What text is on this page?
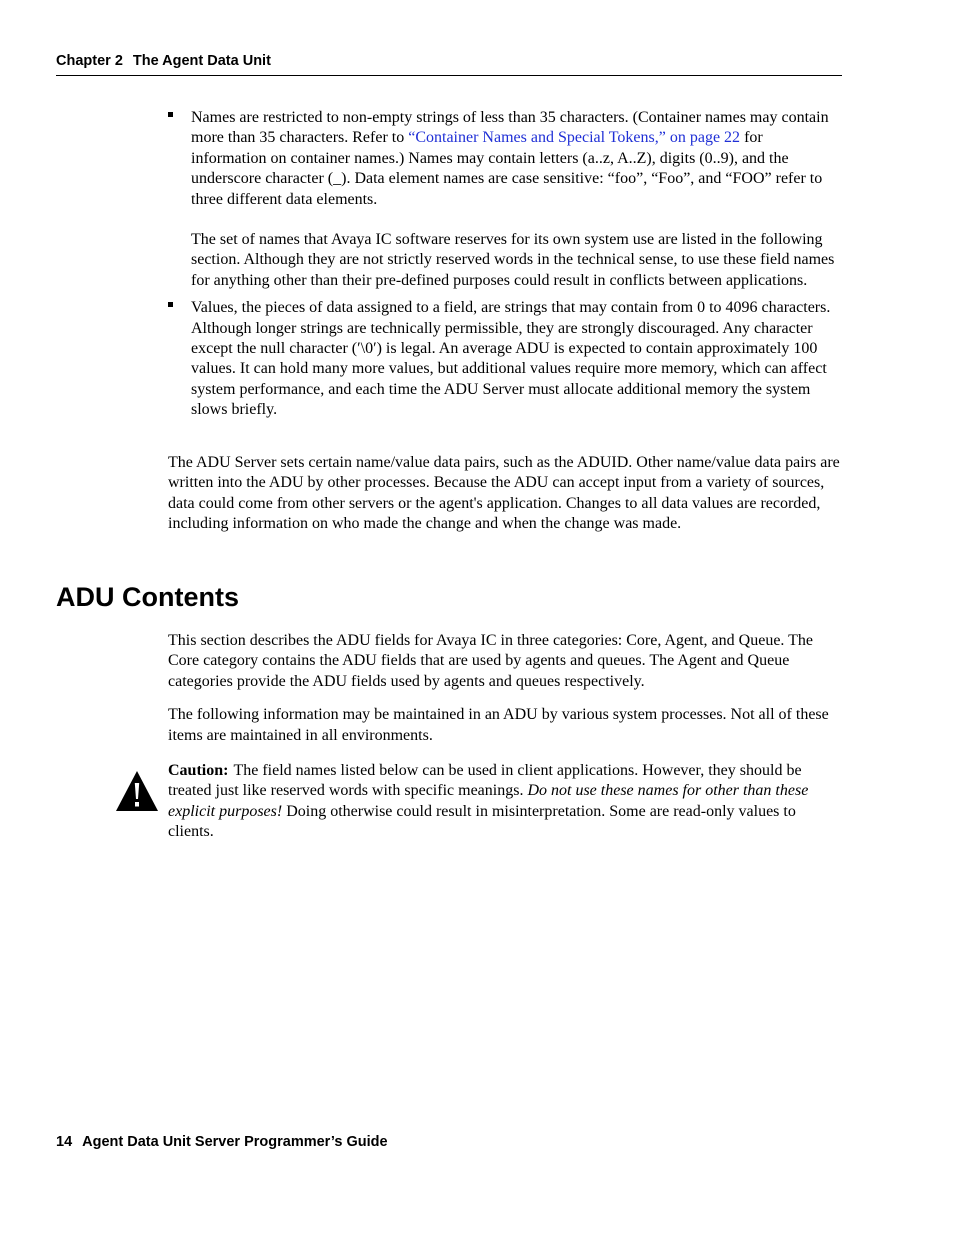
Chapter 2 The Agent Data Unit

Names are restricted to non-empty strings of less than 35 characters. (Container names may contain more than 35 characters. Refer to “Container Names and Special Tokens,” on page 22 for information on container names.) Names may contain letters (a..z, A..Z), digits (0..9), and the underscore character (_). Data element names are case sensitive: “foo”, “Foo”, and “FOO” refer to three different data elements.

The set of names that Avaya IC software reserves for its own system use are listed in the following section. Although they are not strictly reserved words in the technical sense, to use these field names for anything other than their pre-defined purposes could result in conflicts between applications.

Values, the pieces of data assigned to a field, are strings that may contain from 0 to 4096 characters. Although longer strings are technically permissible, they are strongly discouraged. Any character except the null character (′\0′) is legal. An average ADU is expected to contain approximately 100 values. It can hold many more values, but additional values require more memory, which can affect system performance, and each time the ADU Server must allocate additional memory the system slows briefly.

The ADU Server sets certain name/value data pairs, such as the ADUID. Other name/value data pairs are written into the ADU by other processes. Because the ADU can accept input from a variety of sources, data could come from other servers or the agent's application. Changes to all data values are recorded, including information on who made the change and when the change was made.

ADU Contents

This section describes the ADU fields for Avaya IC in three categories: Core, Agent, and Queue. The Core category contains the ADU fields that are used by agents and queues. The Agent and Queue categories provide the ADU fields used by agents and queues respectively.

The following information may be maintained in an ADU by various system processes. Not all of these items are maintained in all environments.

Caution: The field names listed below can be used in client applications. However, they should be treated just like reserved words with specific meanings. Do not use these names for other than these explicit purposes! Doing otherwise could result in misinterpretation. Some are read-only values to clients.

14 Agent Data Unit Server Programmer’s Guide
